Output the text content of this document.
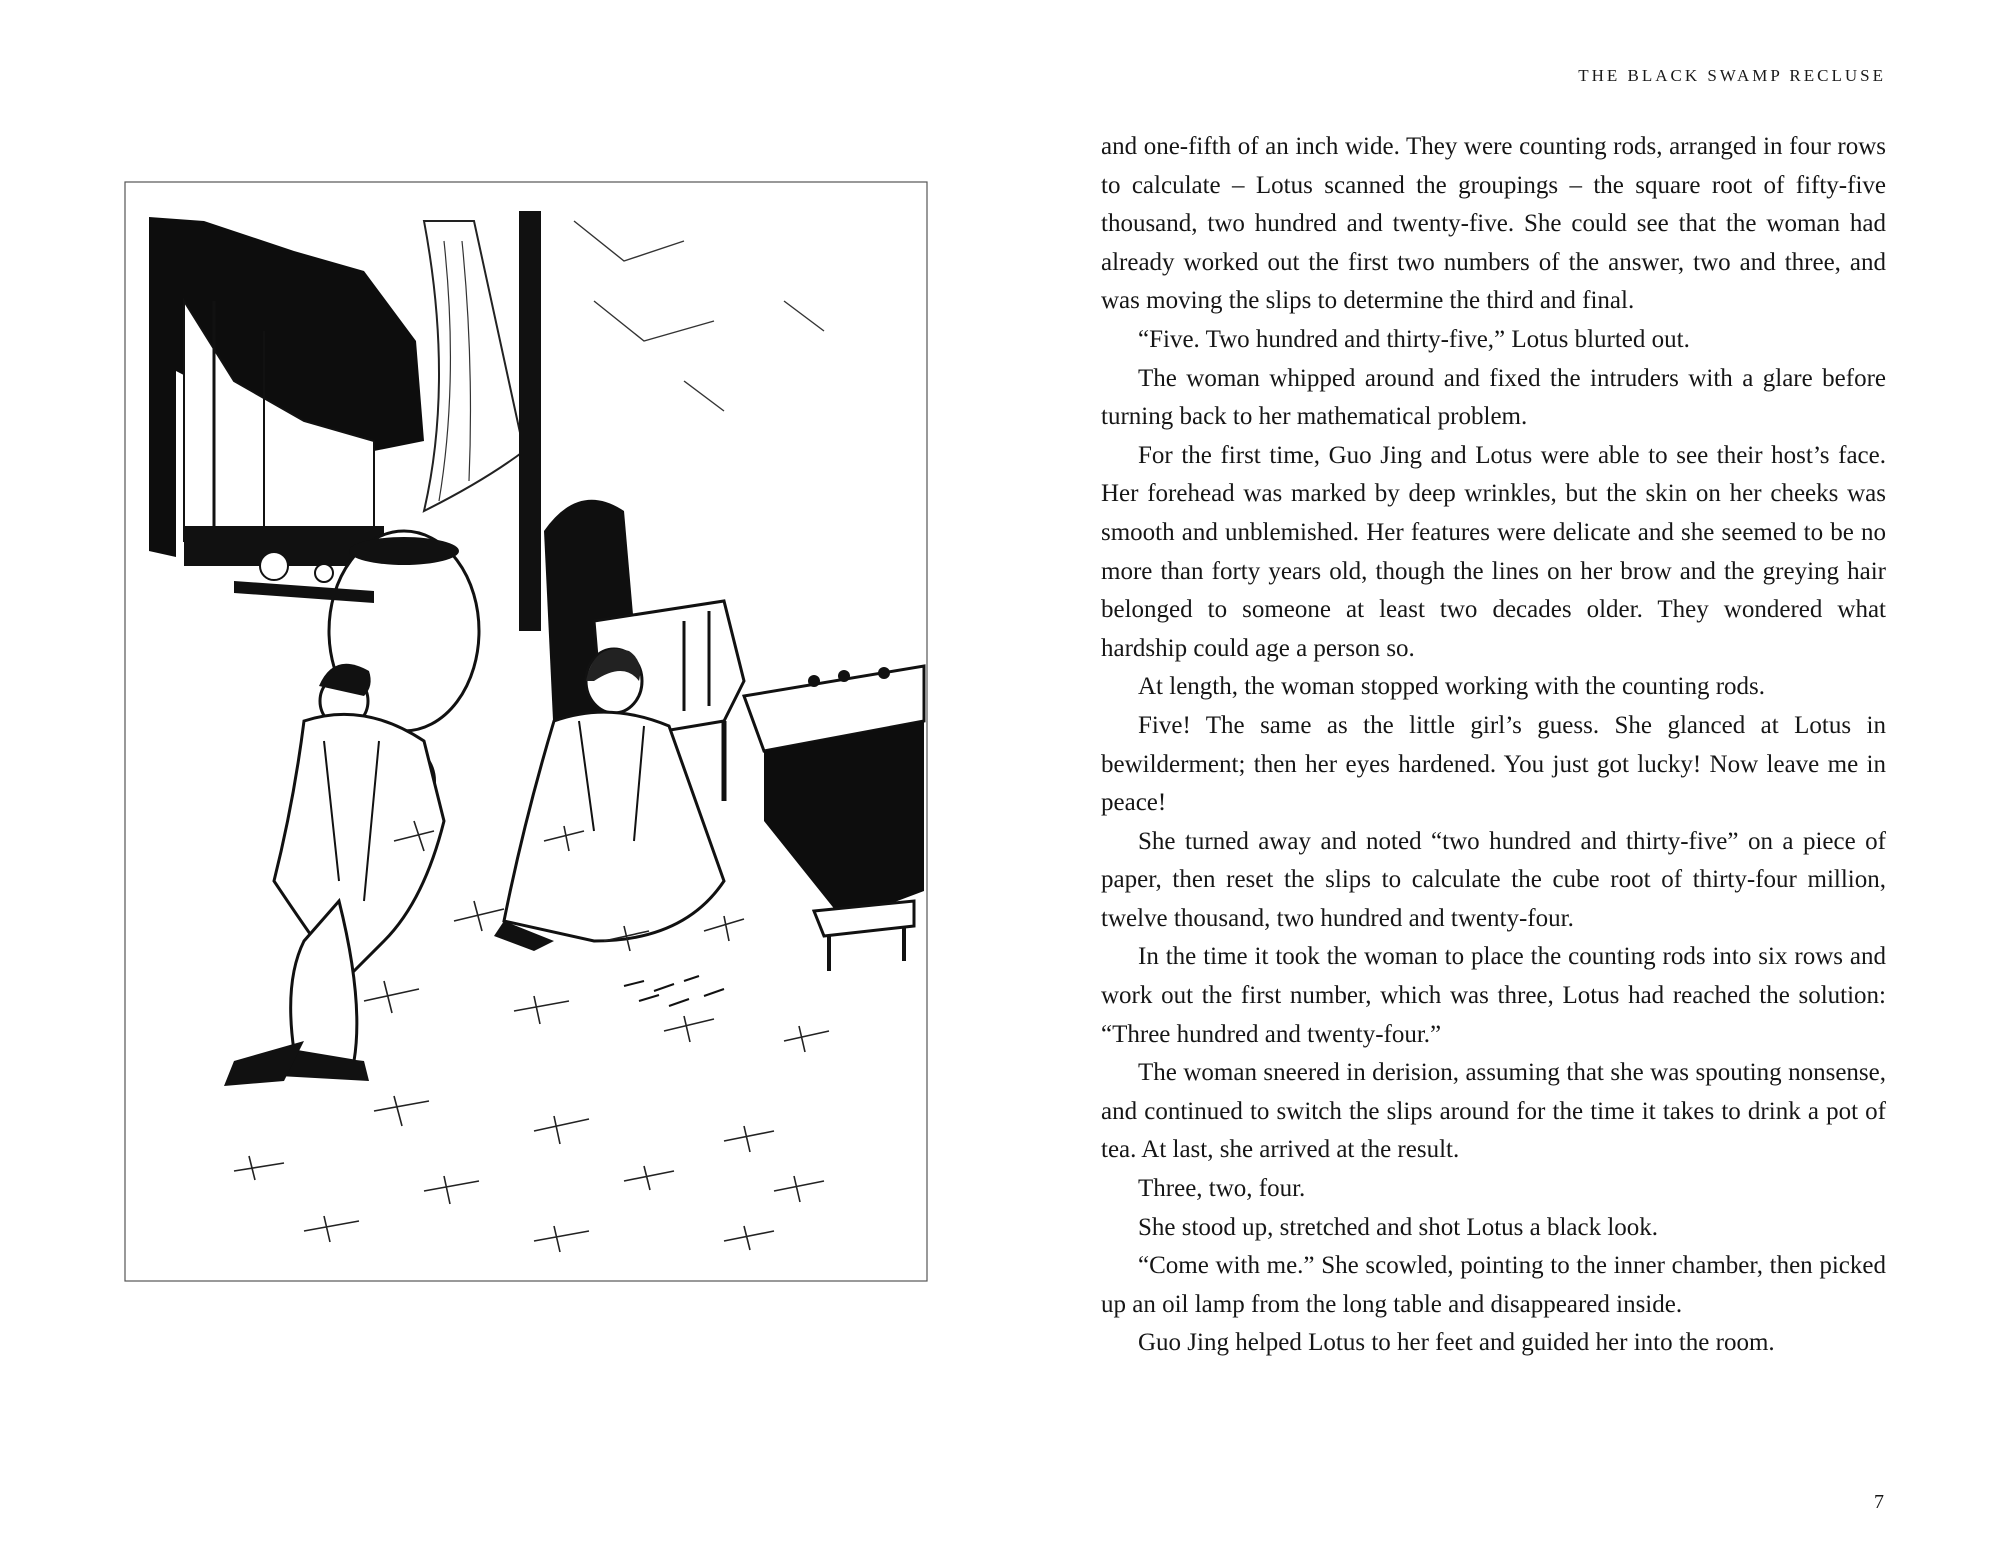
THE BLACK SWAMP RECLUSE

and one-fifth of an inch wide. They were counting rods, arranged in four rows to calculate – Lotus scanned the groupings – the square root of fifty-five thousand, two hundred and twenty-five. She could see that the woman had already worked out the first two numbers of the answer, two and three, and was moving the slips to determine the third and final.

“Five. Two hundred and thirty-five,” Lotus blurted out.

The woman whipped around and fixed the intruders with a glare before turning back to her mathematical problem.

For the first time, Guo Jing and Lotus were able to see their host’s face. Her forehead was marked by deep wrinkles, but the skin on her cheeks was smooth and unblemished. Her features were delicate and she seemed to be no more than forty years old, though the lines on her brow and the greying hair belonged to someone at least two decades older. They wondered what hardship could age a person so.

At length, the woman stopped working with the counting rods.

Five! The same as the little girl’s guess. She glanced at Lotus in bewilderment; then her eyes hardened. You just got lucky! Now leave me in peace!

She turned away and noted “two hundred and thirty-five” on a piece of paper, then reset the slips to calculate the cube root of thirty-four million, twelve thousand, two hundred and twenty-four.

In the time it took the woman to place the counting rods into six rows and work out the first number, which was three, Lotus had reached the solution: “Three hundred and twenty-four.”

The woman sneered in derision, assuming that she was spouting nonsense, and continued to switch the slips around for the time it takes to drink a pot of tea. At last, she arrived at the result.

Three, two, four.

She stood up, stretched and shot Lotus a black look.

“Come with me.” She scowled, pointing to the inner chamber, then picked up an oil lamp from the long table and disappeared inside.

Guo Jing helped Lotus to her feet and guided her into the room.

7
